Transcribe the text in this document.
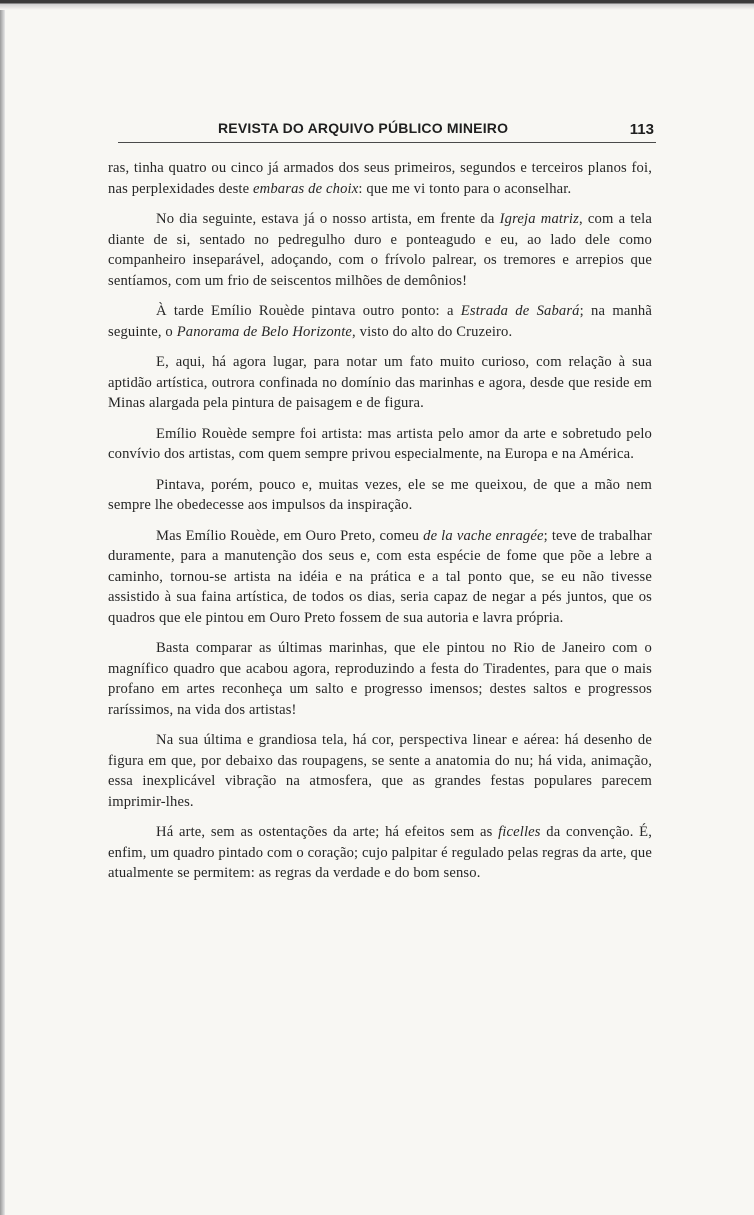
REVISTA DO ARQUIVO PÚBLICO MINEIRO	113

ras, tinha quatro ou cinco já armados dos seus primeiros, segundos e terceiros planos foi, nas perplexidades deste embaras de choix: que me vi tonto para o aconselhar.

No dia seguinte, estava já o nosso artista, em frente da Igreja matriz, com a tela diante de si, sentado no pedregulho duro e ponteagudo e eu, ao lado dele como companheiro inseparável, adoçando, com o frívolo palrear, os tremores e arrepios que sentíamos, com um frio de seiscentos milhões de demônios!

À tarde Emílio Rouède pintava outro ponto: a Estrada de Sabará; na manhã seguinte, o Panorama de Belo Horizonte, visto do alto do Cruzeiro.

E, aqui, há agora lugar, para notar um fato muito curioso, com relação à sua aptidão artística, outrora confinada no domínio das marinhas e agora, desde que reside em Minas alargada pela pintura de paisagem e de figura.

Emílio Rouède sempre foi artista: mas artista pelo amor da arte e sobretudo pelo convívio dos artistas, com quem sempre privou especialmente, na Europa e na América.

Pintava, porém, pouco e, muitas vezes, ele se me queixou, de que a mão nem sempre lhe obedecesse aos impulsos da inspiração.

Mas Emílio Rouède, em Ouro Preto, comeu de la vache enragée; teve de trabalhar duramente, para a manutenção dos seus e, com esta espécie de fome que põe a lebre a caminho, tornou-se artista na idéia e na prática e a tal ponto que, se eu não tivesse assistido à sua faina artística, de todos os dias, seria capaz de negar a pés juntos, que os quadros que ele pintou em Ouro Preto fossem de sua autoria e lavra própria.

Basta comparar as últimas marinhas, que ele pintou no Rio de Janeiro com o magnífico quadro que acabou agora, reproduzindo a festa do Tiradentes, para que o mais profano em artes reconheça um salto e progresso imensos; destes saltos e progressos raríssimos, na vida dos artistas!

Na sua última e grandiosa tela, há cor, perspectiva linear e aérea: há desenho de figura em que, por debaixo das roupagens, se sente a anatomia do nu; há vida, animação, essa inexplicável vibração na atmosfera, que as grandes festas populares parecem imprimir-lhes.

Há arte, sem as ostentações da arte; há efeitos sem as ficelles da convenção. É, enfim, um quadro pintado com o coração; cujo palpitar é regulado pelas regras da arte, que atualmente se permitem: as regras da verdade e do bom senso.
